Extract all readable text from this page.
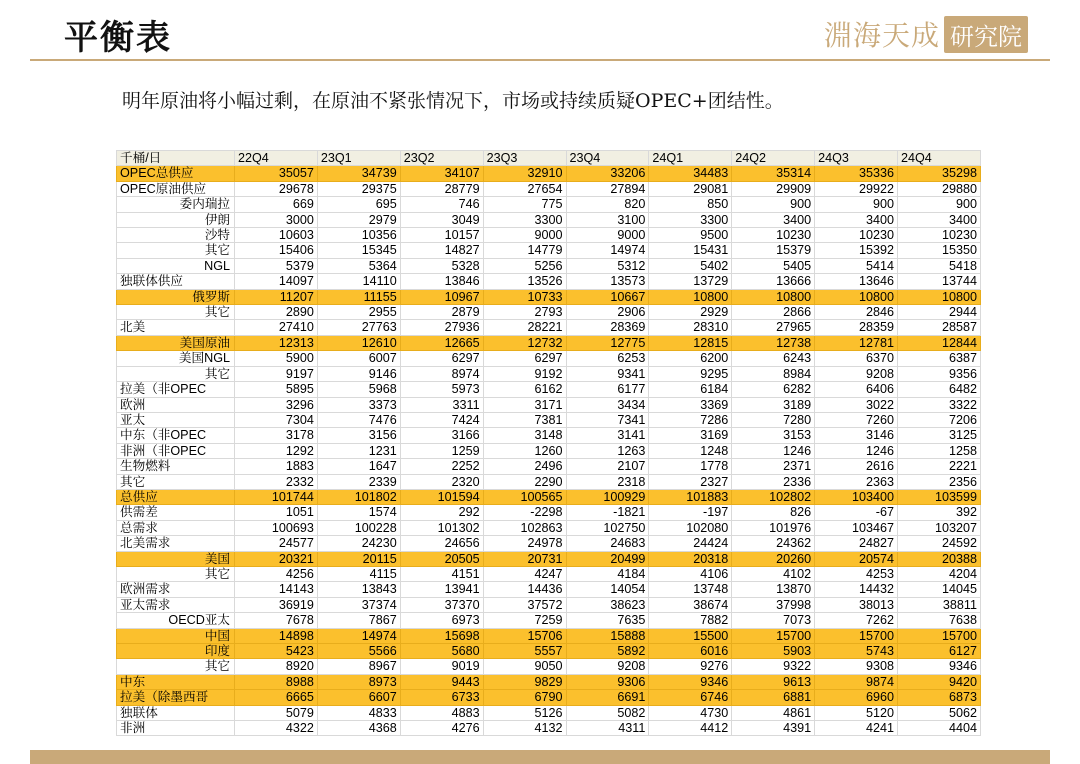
平衡表	淵海天成 研究院
明年原油将小幅过剩，在原油不紧张情况下，市场或持续质疑OPEC+团结性。
千桶/日	22Q4	23Q1	23Q2	23Q3	23Q4	24Q1	24Q2	24Q3	24Q4
OPEC总供应	35057	34739	34107	32910	33206	34483	35314	35336	35298
OPEC原油供应	29678	29375	28779	27654	27894	29081	29909	29922	29880
委内瑞拉	669	695	746	775	820	850	900	900	900
伊朗	3000	2979	3049	3300	3100	3300	3400	3400	3400
沙特	10603	10356	10157	9000	9000	9500	10230	10230	10230
其它	15406	15345	14827	14779	14974	15431	15379	15392	15350
NGL	5379	5364	5328	5256	5312	5402	5405	5414	5418
独联体供应	14097	14110	13846	13526	13573	13729	13666	13646	13744
俄罗斯	11207	11155	10967	10733	10667	10800	10800	10800	10800
其它	2890	2955	2879	2793	2906	2929	2866	2846	2944
北美	27410	27763	27936	28221	28369	28310	27965	28359	28587
美国原油	12313	12610	12665	12732	12775	12815	12738	12781	12844
美国NGL	5900	6007	6297	6297	6253	6200	6243	6370	6387
其它	9197	9146	8974	9192	9341	9295	8984	9208	9356
拉美（非OPEC	5895	5968	5973	6162	6177	6184	6282	6406	6482
欧洲	3296	3373	3311	3171	3434	3369	3189	3022	3322
亚太	7304	7476	7424	7381	7341	7286	7280	7260	7206
中东（非OPEC	3178	3156	3166	3148	3141	3169	3153	3146	3125
非洲（非OPEC	1292	1231	1259	1260	1263	1248	1246	1246	1258
生物燃料	1883	1647	2252	2496	2107	1778	2371	2616	2221
其它	2332	2339	2320	2290	2318	2327	2336	2363	2356
总供应	101744	101802	101594	100565	100929	101883	102802	103400	103599
供需差	1051	1574	292	-2298	-1821	-197	826	-67	392
总需求	100693	100228	101302	102863	102750	102080	101976	103467	103207
北美需求	24577	24230	24656	24978	24683	24424	24362	24827	24592
美国	20321	20115	20505	20731	20499	20318	20260	20574	20388
其它	4256	4115	4151	4247	4184	4106	4102	4253	4204
欧洲需求	14143	13843	13941	14436	14054	13748	13870	14432	14045
亚太需求	36919	37374	37370	37572	38623	38674	37998	38013	38811
OECD亚太	7678	7867	6973	7259	7635	7882	7073	7262	7638
中国	14898	14974	15698	15706	15888	15500	15700	15700	15700
印度	5423	5566	5680	5557	5892	6016	5903	5743	6127
其它	8920	8967	9019	9050	9208	9276	9322	9308	9346
中东	8988	8973	9443	9829	9306	9346	9613	9874	9420
拉美（除墨西哥	6665	6607	6733	6790	6691	6746	6881	6960	6873
独联体	5079	4833	4883	5126	5082	4730	4861	5120	5062
非洲	4322	4368	4276	4132	4311	4412	4391	4241	4404
